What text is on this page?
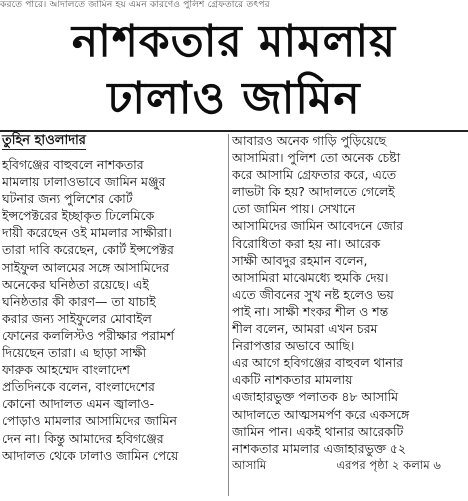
করতে পারে। আদালতে জামিন হয় এমন কারণেও পুলিশ গ্রেফতারে তৎপর
নাশকতার মামলায়
ঢালাও জামিন
তুহিন হাওলাদার
হবিগঞ্জের বাহুবলে নাশকতার
মামলায় ঢালাওভাবে জামিন মঞ্জুর
ঘটনার জন্য পুলিশের কোর্ট
ইন্সপেক্টরের ইচ্ছাকৃত ঢিলেমিকে
দায়ী করেছেন ওই মামলার সাক্ষীরা।
তারা দাবি করেছেন, কোর্ট ইন্সপেক্টর
সাইফুল আলমের সঙ্গে আসামিদের
অনেকের ঘনিষ্ঠতা রয়েছে। এই
ঘনিষ্ঠতার কী কারণ— তা যাচাই
করার জন্য সাইফুলের মোবাইল
ফোনের কললিস্টও পরীক্ষার পরামর্শ
দিয়েছেন তারা। এ ছাড়া সাক্ষী
ফারুক আহম্মেদ বাংলাদেশ
প্রতিদিনকে বলেন, বাংলাদেশের
কোনো আদালত এমন জ্বালাও-
পোড়াও মামলার আসামিদের জামিন
দেন না। কিন্তু আমাদের হবিগঞ্জের
আদালত থেকে ঢালাও জামিন পেয়ে
আবারও অনেক গাড়ি পুড়িয়েছে
আসামিরা। পুলিশ তো অনেক চেষ্টা
করে আসামি গ্রেফতার করে, এতে
লাভটা কি হয়? আদালতে গেলেই
তো জামিন পায়। সেখানে
আসামিদের জামিন আবেদনে জোর
বিরোধিতা করা হয় না। আরেক
সাক্ষী আবদুর রহমান বলেন,
আসামিরা মাঝেমধ্যে হুমকি দেয়।
এতে জীবনের সুখ নষ্ট হলেও ভয়
পাই না। সাক্ষী শংকর শীল ও শন্ত
শীল বলেন, আমরা এখন চরম
নিরাপত্তার অভাবে আছি।
এর আগে হবিগঞ্জের বাহুবল থানার
একটি নাশকতার মামলায়
এজাহারভুক্ত পলাতক ৪৮ আসামি
আদালতে আত্মসমর্পণ করে একসঙ্গে
জামিন পান। একই থানার আরেকটি
নাশকতার মামলার এজাহারভুক্ত ৫২
আসামি	এরপর পৃষ্ঠা ২ কলাম ৬
